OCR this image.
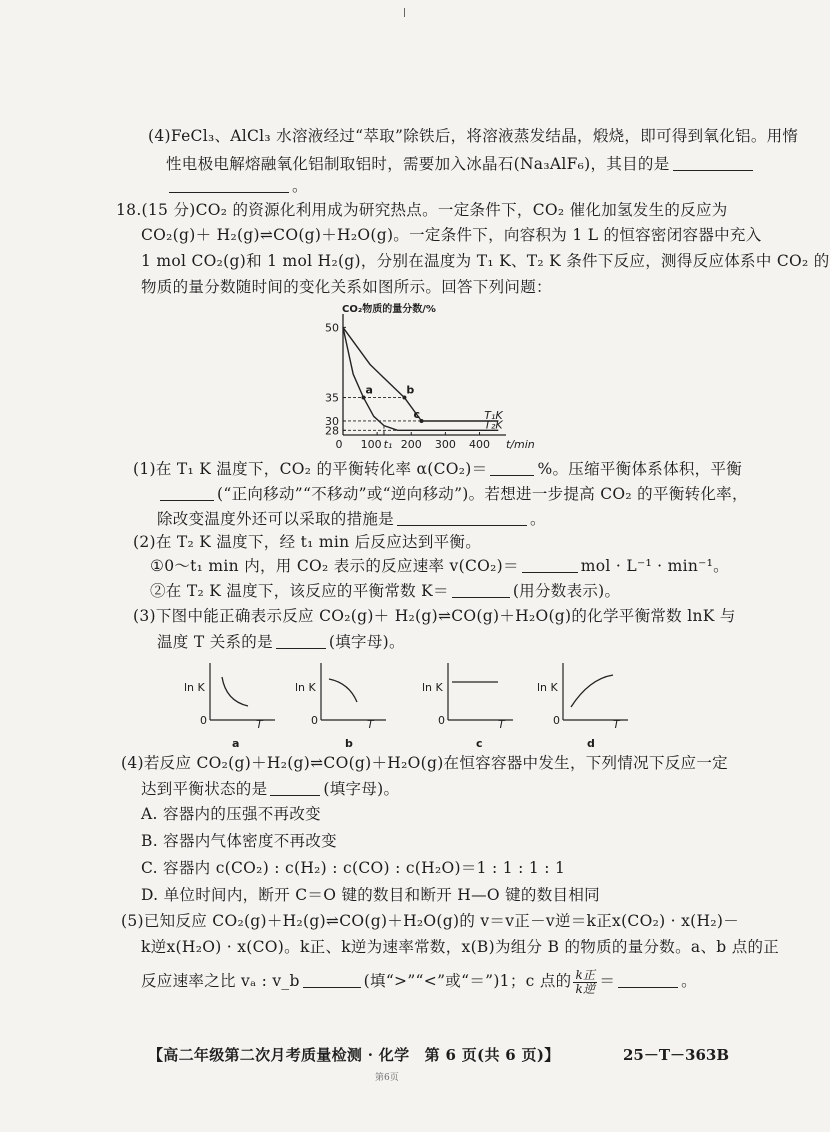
(4)FeCl₃、AlCl₃ 水溶液经过“萃取”除铁后，将溶液蒸发结晶，煅烧，即可得到氧化铝。用惰
性电极电解熔融氧化铝制取铝时，需要加入冰晶石(Na₃AlF₆)，其目的是
。
18.(15 分)CO₂ 的资源化利用成为研究热点。一定条件下，CO₂ 催化加氢发生的反应为
CO₂(g)＋ H₂(g)⇌CO(g)＋H₂O(g)。一定条件下，向容积为 1 L 的恒容密闭容器中充入
1 mol CO₂(g)和 1 mol H₂(g)，分别在温度为 T₁ K、T₂ K 条件下反应，测得反应体系中 CO₂ 的
物质的量分数随时间的变化关系如图所示。回答下列问题：
CO₂物质的量分数/%
28
30
35
50
0 100 t₁ 200 300 400 t/min
T₁K
T₂K
a	b
c
(1)在 T₁ K 温度下，CO₂ 的平衡转化率 α(CO₂)＝	%。压缩平衡体系体积，平衡
(“正向移动”“不移动”或“逆向移动”)。若想进一步提高 CO₂ 的平衡转化率，
除改变温度外还可以采取的措施是	。
(2)在 T₂ K 温度下，经 t₁ min 后反应达到平衡。
①0～t₁ min 内，用 CO₂ 表示的反应速率 v(CO₂)＝	mol · L⁻¹ · min⁻¹。
②在 T₂ K 温度下，该反应的平衡常数 K＝	(用分数表示)。
(3)下图中能正确表示反应 CO₂(g)＋ H₂(g)⇌CO(g)＋H₂O(g)的化学平衡常数 lnK 与
温度 T 关系的是	(填字母)。
ln K
0	T
a
ln K
0	T
b
ln K
0	T
c
ln K
0	T
d
(4)若反应 CO₂(g)＋H₂(g)⇌CO(g)＋H₂O(g)在恒容容器中发生，下列情况下反应一定
达到平衡状态的是	(填字母)。
A. 容器内的压强不再改变
B. 容器内气体密度不再改变
C. 容器内 c(CO₂) : c(H₂) : c(CO) : c(H₂O)＝1 : 1 : 1 : 1
D. 单位时间内，断开 C＝O 键的数目和断开 H—O 键的数目相同
(5)已知反应 CO₂(g)＋H₂(g)⇌CO(g)＋H₂O(g)的 v＝v正－v逆＝k正x(CO₂) · x(H₂)－
k逆x(H₂O) · x(CO)。k正、k逆为速率常数，x(B)为组分 B 的物质的量分数。a、b 点的正
反应速率之比 vₐ : v_b	(填“>”“<”或“＝”)1；c 点的 $\frac{\text{k正}}{\text{k逆}}$ ＝	。
【高二年级第二次月考质量检测 · 化学　第 6 页(共 6 页)】	25－T－363B
第6页
